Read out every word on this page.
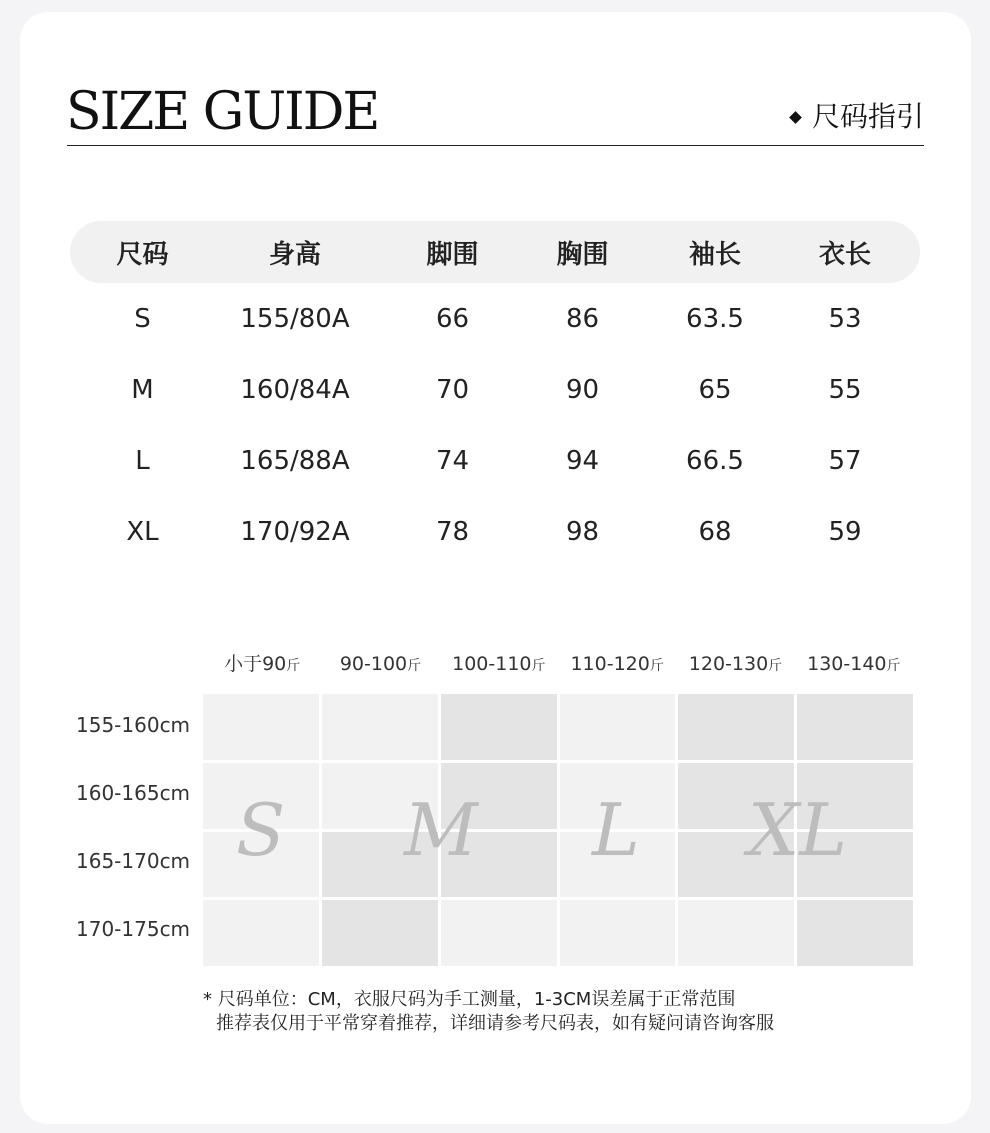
SIZE GUIDE	尺码指引
尺码	身高	脚围	胸围	袖长	衣长
S	155/80A	66	86	63.5	53
M	160/84A	70	90	65	55
L	165/88A	74	94	66.5	57
XL	170/92A	78	98	68	59
小于90斤	90-100斤	100-110斤	110-120斤	120-130斤	130-140斤
155-160cm
160-165cm
165-170cm
170-175cm
S M L XL
* 尺码单位：CM，衣服尺码为手工测量，1-3CM误差属于正常范围
推荐表仅用于平常穿着推荐，详细请参考尺码表，如有疑问请咨询客服
